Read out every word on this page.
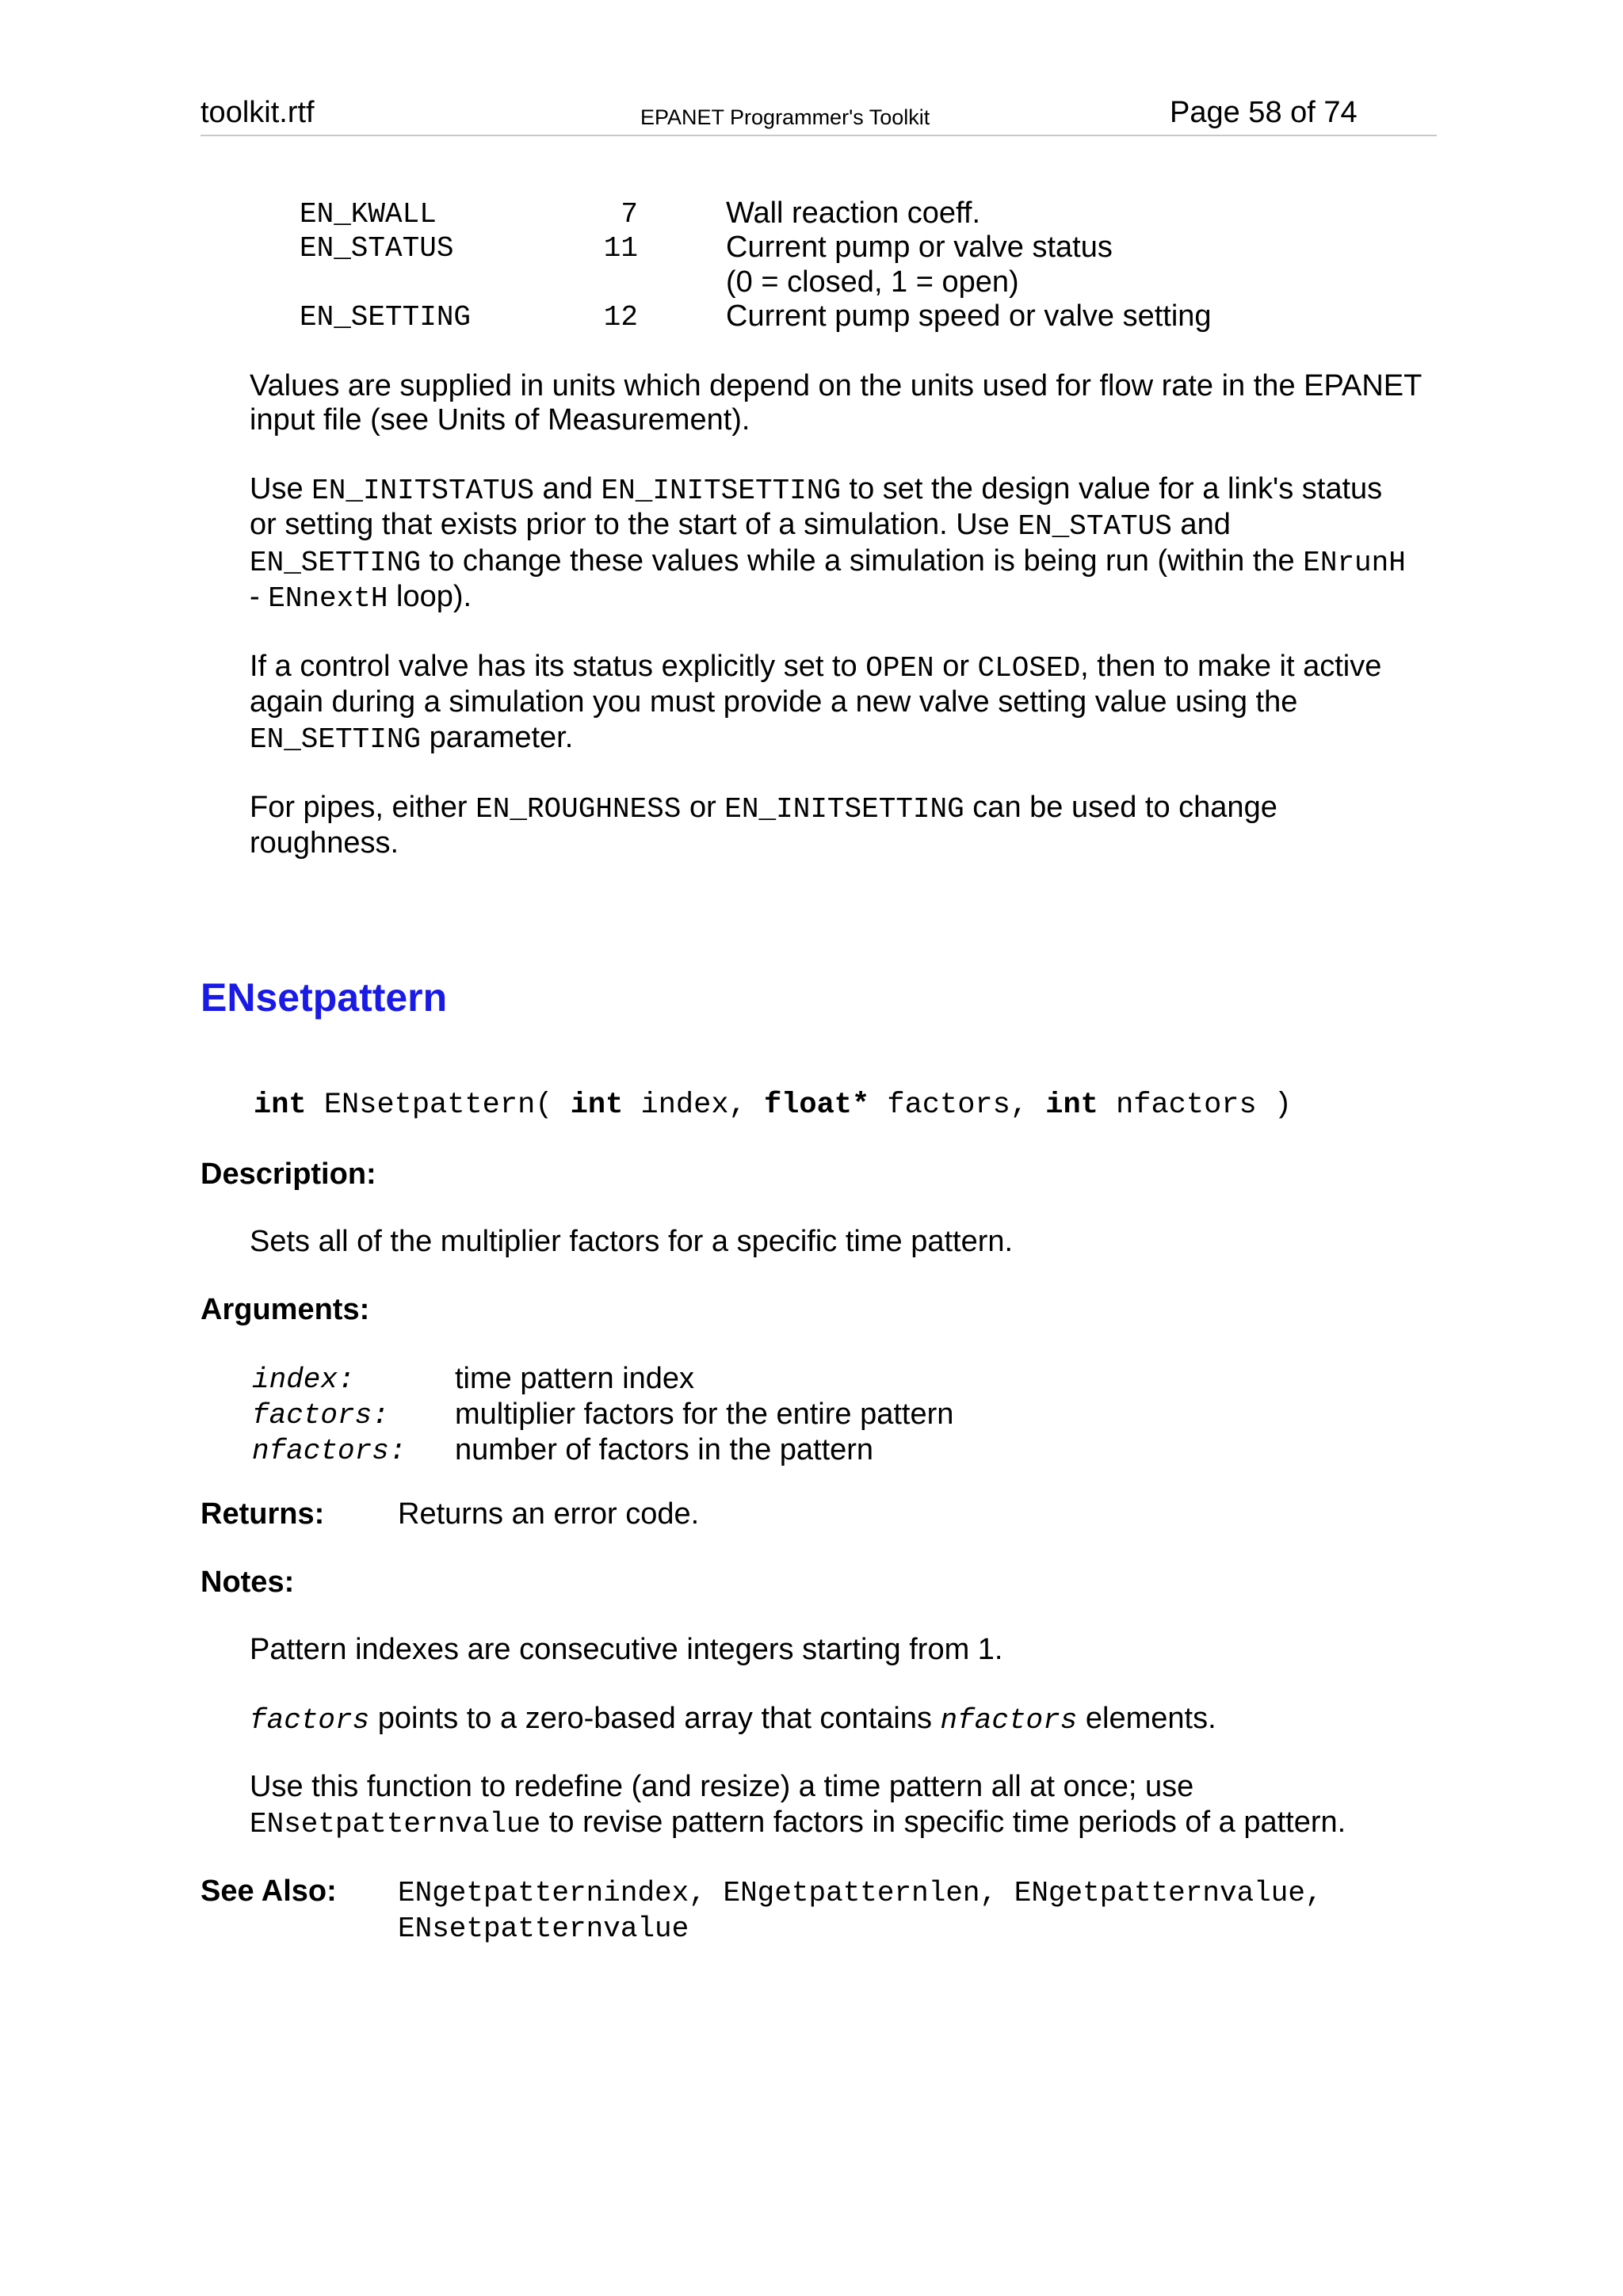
toolkit.rtf	EPANET Programmer's Toolkit	Page 58 of 74
EN_KWALL	7	Wall reaction coeff.
EN_STATUS	11	Current pump or valve status
(0 = closed, 1 = open)
EN_SETTING	12	Current pump speed or valve setting
Values are supplied in units which depend on the units used for flow rate in the EPANET
input file (see Units of Measurement).
Use EN_INITSTATUS and EN_INITSETTING to set the design value for a link's status
or setting that exists prior to the start of a simulation. Use EN_STATUS and
EN_SETTING to change these values while a simulation is being run (within the ENrunH
- ENnextH loop).
If a control valve has its status explicitly set to OPEN or CLOSED, then to make it active
again during a simulation you must provide a new valve setting value using the
EN_SETTING parameter.
For pipes, either EN_ROUGHNESS or EN_INITSETTING can be used to change
roughness.
ENsetpattern
int ENsetpattern( int index, float* factors, int nfactors )
Description:
Sets all of the multiplier factors for a specific time pattern.
Arguments:
index:	time pattern index
factors: multiplier factors for the entire pattern
nfactors: number of factors in the pattern
Returns: Returns an error code.
Notes:
Pattern indexes are consecutive integers starting from 1.
factors points to a zero-based array that contains nfactors elements.
Use this function to redefine (and resize) a time pattern all at once; use
ENsetpatternvalue to revise pattern factors in specific time periods of a pattern.
See Also: ENgetpatternindex, ENgetpatternlen, ENgetpatternvalue,
ENsetpatternvalue
